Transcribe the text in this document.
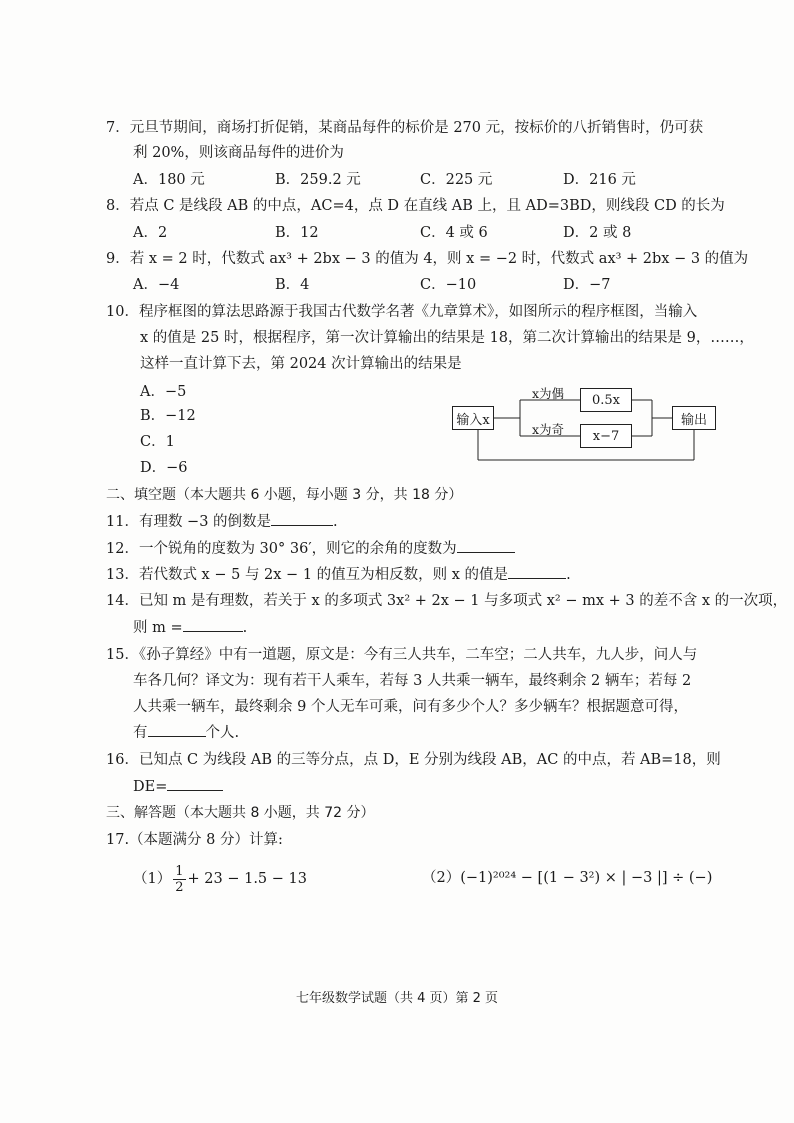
7．元旦节期间，商场打折促销，某商品每件的标价是 270 元，按标价的八折销售时，仍可获
利 20%，则该商品每件的进价为
A．180 元	B．259.2 元	C．225 元	D．216 元
8．若点 C 是线段 AB 的中点，AC=4，点 D 在直线 AB 上，且 AD=3BD，则线段 CD 的长为
A．2	B．12	C．4 或 6	D．2 或 8
9．若 x = 2 时，代数式 ax³ + 2bx − 3 的值为 4，则 x = −2 时，代数式 ax³ + 2bx − 3 的值为
A．−4	B．4	C．−10	D．−7
10．程序框图的算法思路源于我国古代数学名著《九章算术》，如图所示的程序框图，当输入
x 的值是 25 时，根据程序，第一次计算输出的结果是 18，第二次计算输出的结果是 9，……，
这样一直计算下去，第 2024 次计算输出的结果是
A．−5
B．−12
C．1
D．−6
输入x
0.5x
x−7
输出
x为偶
x为奇
二、填空题（本大题共 6 小题，每小题 3 分，共 18 分）
11．有理数 −3 的倒数是	.
12．一个锐角的度数为 30° 36′，则它的余角的度数为
13．若代数式 x − 5 与 2x − 1 的值互为相反数，则 x 的值是	.
14．已知 m 是有理数，若关于 x 的多项式 3x² + 2x − 1 与多项式 x² − mx + 3 的差不含 x 的一次项，
则 m =	.
15．《孙子算经》中有一道题，原文是：今有三人共车，二车空；二人共车，九人步，问人与
车各几何？译文为：现有若干人乘车，若每 3 人共乘一辆车，最终剩余 2 辆车；若每 2
人共乘一辆车，最终剩余 9 个人无车可乘，问有多少个人？多少辆车？根据题意可得，
有	个人.
16．已知点 C 为线段 AB 的三等分点，点 D，E 分别为线段 AB，AC 的中点，若 AB=18，则
DE=
三、解答题（本大题共 8 小题，共 72 分）
17.（本题满分 8 分）计算:
$(1) \frac{1}{2} + 23 - 1.5 - 13$	（2）(−1)²⁰²⁴ − [(1 − 3²) × | −3 |] ÷ (−)
七年级数学试题（共 4 页）第 2 页
